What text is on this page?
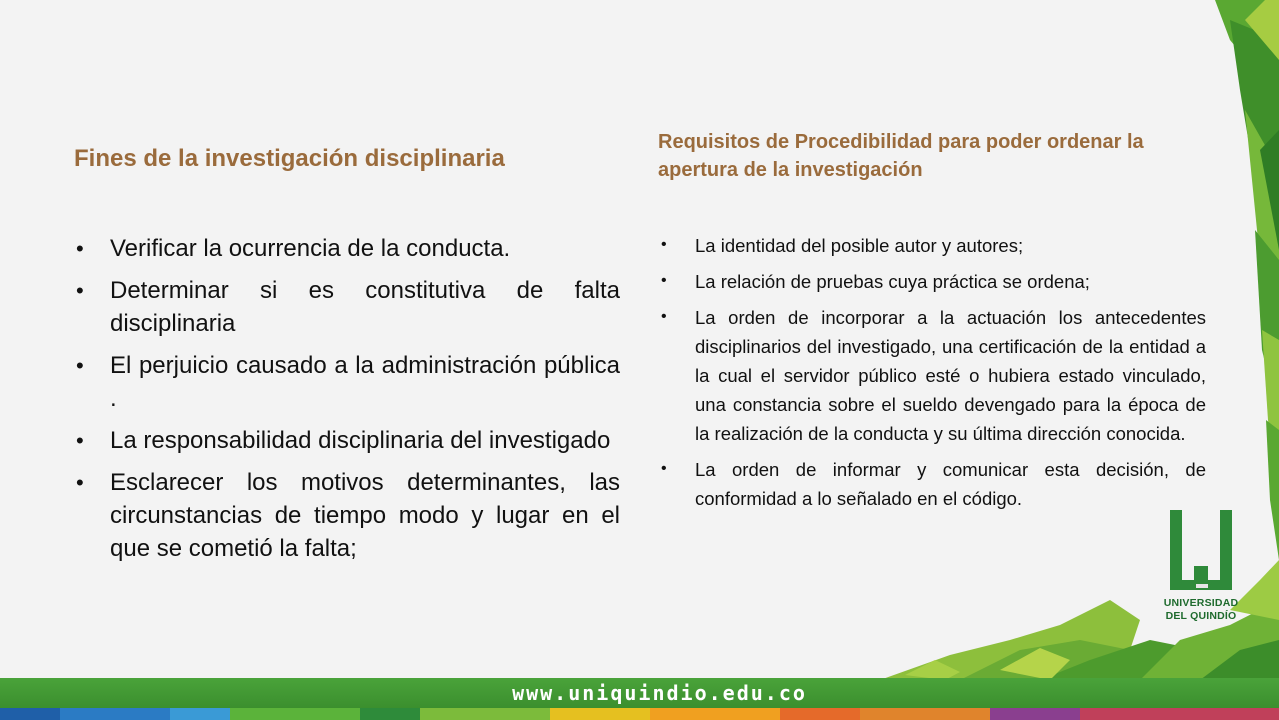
Fines de la investigación disciplinaria
• Verificar la ocurrencia de la conducta.
• Determinar si es constitutiva de falta disciplinaria
• El perjuicio causado a la administración pública .
• La responsabilidad disciplinaria del investigado
• Esclarecer los motivos determinantes, las circunstancias de tiempo modo y lugar en el que se cometió la falta;
Requisitos de Procedibilidad para poder ordenar la apertura de la investigación
• La identidad del posible autor y autores;
• La relación de pruebas cuya práctica se ordena;
• La orden de incorporar a la actuación los antecedentes disciplinarios del investigado, una certificación de la entidad a la cual el servidor público esté o hubiera estado vinculado, una constancia sobre el sueldo devengado para la época de la realización de la conducta y su última dirección conocida.
• La orden de informar y comunicar esta decisión, de conformidad a lo señalado en el código.
UNIVERSIDAD
DEL QUINDÍO
www.uniquindio.edu.co
